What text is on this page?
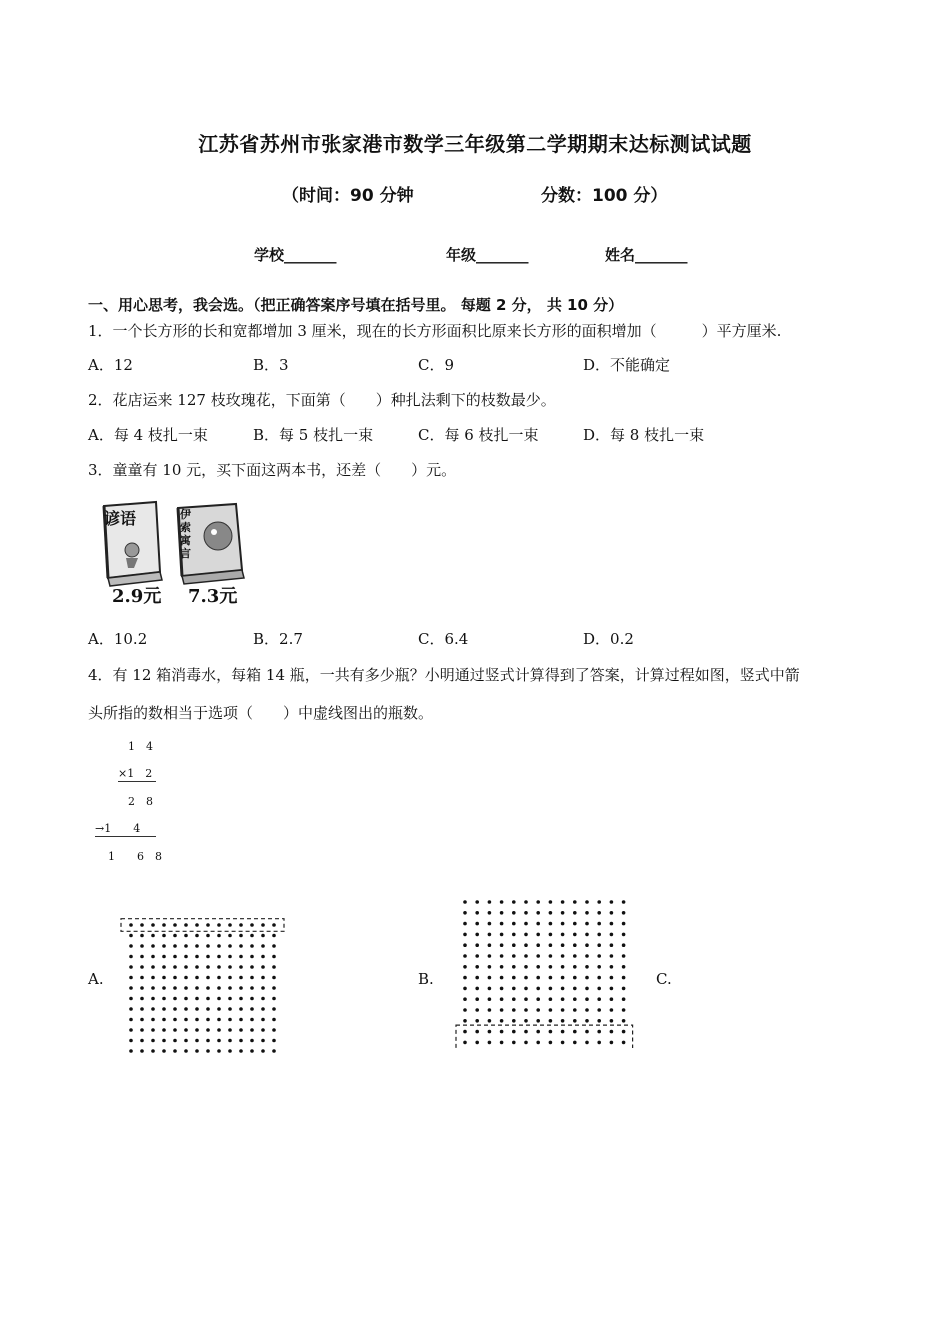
江苏省苏州市张家港市数学三年级第二学期期末达标测试试题
（时间：90 分钟	分数：100 分）
学校_______	年级_______	姓名_______
一、用心思考，我会选。（把正确答案序号填在括号里。 每题 2 分， 共 10 分）
1．一个长方形的长和宽都增加 3 厘米，现在的长方形面积比原来长方形的面积增加（　　　）平方厘米.
A．12	B．3	C．9	D．不能确定
2．花店运来 127 枝玫瑰花，下面第（　　）种扎法剩下的枝数最少。
A．每 4 枝扎一束	B．每 5 枝扎一束	C．每 6 枝扎一束	D．每 8 枝扎一束
3．童童有 10 元，买下面这两本书，还差（　　）元。
谚语	伊索寓言
2.9元 7.3元
A．10.2	B．2.7	C．6.4	D．0.2
4．有 12 箱消毒水，每箱 14 瓶，一共有多少瓶？小明通过竖式计算得到了答案，计算过程如图，竖式中箭
头所指的数相当于选项（　　）中虚线图出的瓶数。
1　4
×1　2
2　8
→1　　4
1　　6　8
A.	B.	C.
